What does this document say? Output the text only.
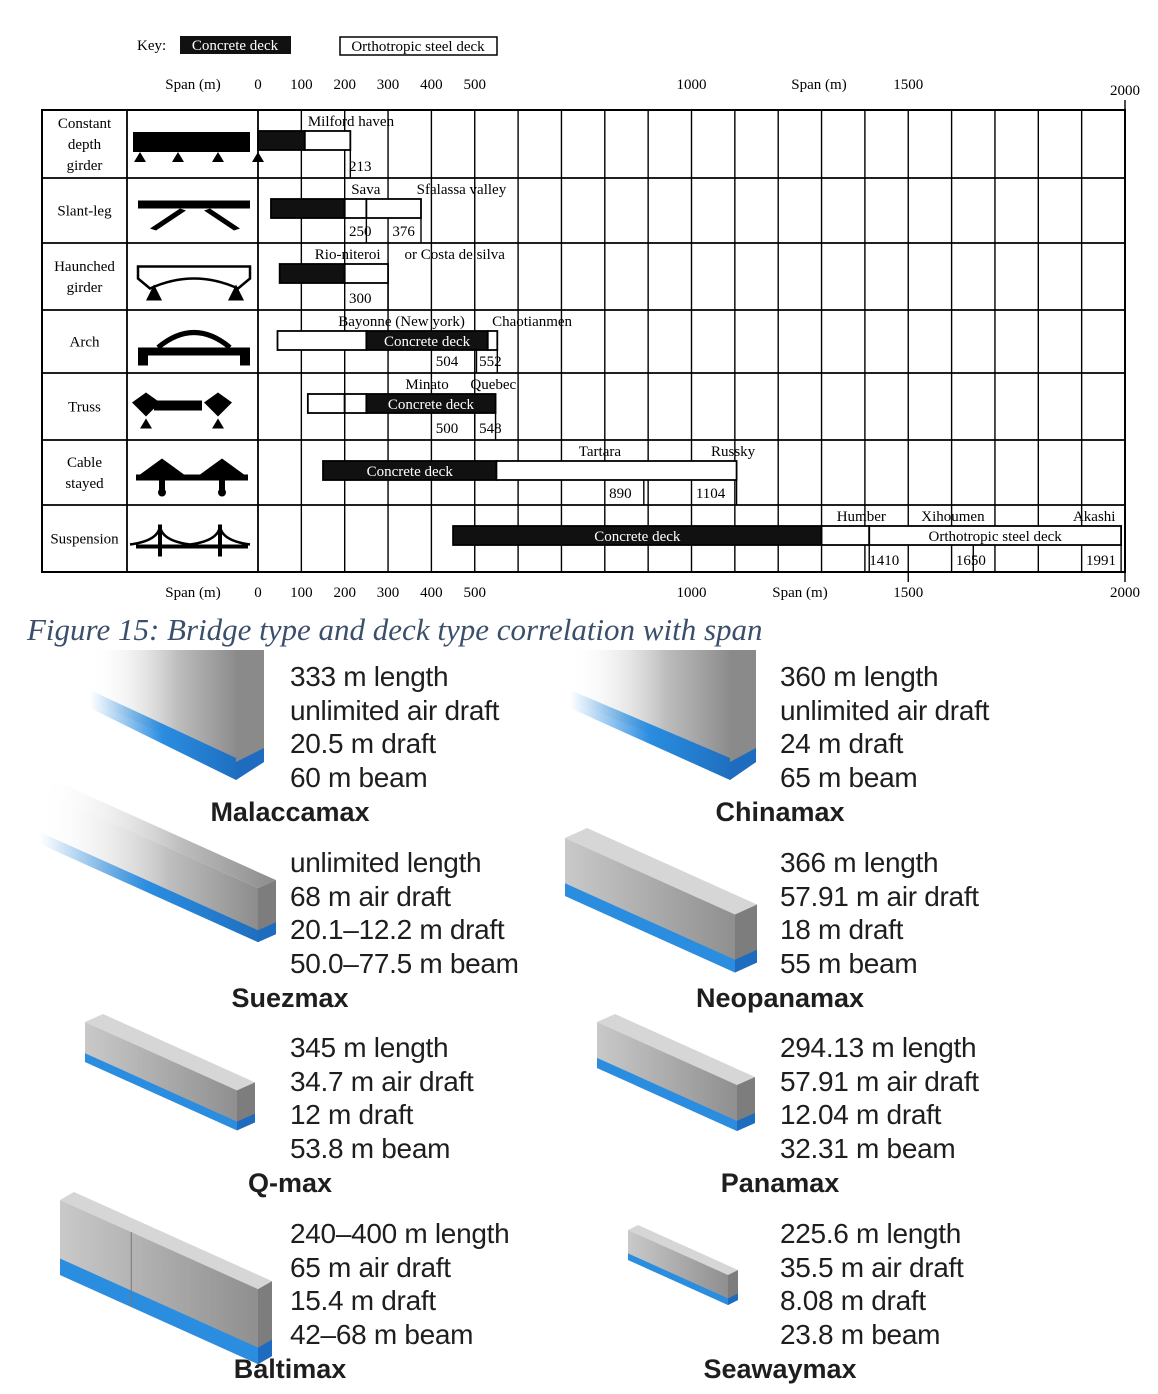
Key: Concrete deck	Orthotropic steel deck
Span (m)	Span (m)
0 100 200 300 400 500	1000	1500	2000
Span (m)	Span (m)
0 100 200 300 400 500	1000	1500	2000
Constant depth girder
Milford haven
213
Slant-leg
Sava Sfalassa valley
250 376
Haunched girder
Rio-niteroi or Costa de silva
300
Arch	Concrete deck
Bayonne (New york) Chaotianmen
504 552
Truss	Concrete deck
Minato Quebec
500 548
Cable stayed
Concrete deck
Tartara	Russky
890	1104
Suspension	Concrete deck	Orthotropic steel deck
Humber Xihoumen	Akashi
1410	1650	1991
Figure 15: Bridge type and deck type correlation with span
333 m length
unlimited air draft
20.5 m draft
60 m beam
Malaccamax
360 m length
unlimited air draft
24 m draft
65 m beam
Chinamax
unlimited length
68 m air draft
20.1–12.2 m draft
50.0–77.5 m beam
Suezmax
366 m length
57.91 m air draft
18 m draft
55 m beam
Neopanamax
345 m length
34.7 m air draft
12 m draft
53.8 m beam
Q-max
294.13 m length
57.91 m air draft
12.04 m draft
32.31 m beam
Panamax
240–400 m length
65 m air draft
15.4 m draft
42–68 m beam
Baltimax
225.6 m length
35.5 m air draft
8.08 m draft
23.8 m beam
Seawaymax
